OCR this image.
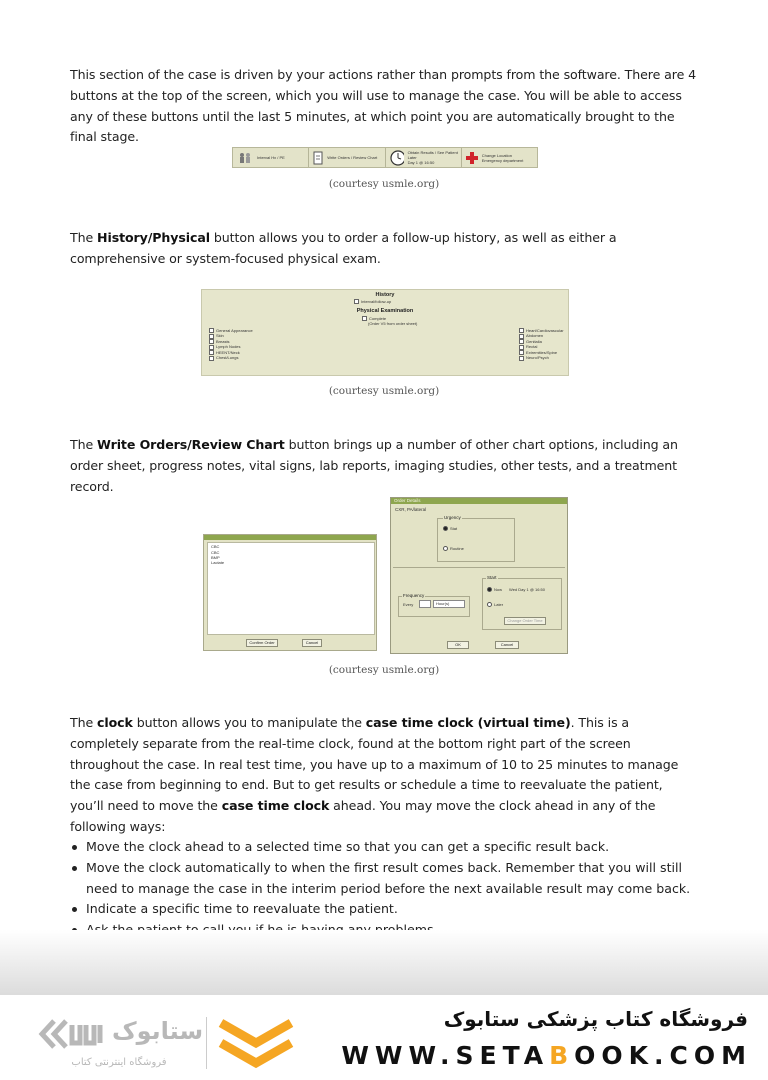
This section of the case is driven by your actions rather than prompts from the software. There are 4 buttons at the top of the screen, which you will use to manage the case. You will be able to access any of these buttons until the last 5 minutes, at which point you are automatically brought to the final stage.
Interval Hx / PE	Write Orders / Review Chart
Obtain Results / See Patient Later
Day 1 @ 16:50
Change Location
Emergency department
(courtesy usmle.org)
The History/Physical button allows you to order a follow-up history, as well as either a comprehensive or system-focused physical exam.
History
Interval/follow-up
Physical Examination
Complete
(Order V5 from order sheet)
General Appearance
Skin
Breasts
Lymph Nodes
HEENT/Neck
Chest/Lungs
Heart/Cardiovascular
Abdomen
Genitalia
Rectal
Extremities/Spine
Neuro/Psych
(courtesy usmle.org)
The Write Orders/Review Chart button brings up a number of other chart options, including an order sheet, progress notes, vital signs, lab reports, imaging studies, other tests, and a treatment record.
CBC
CBC
BMP
Lactate
Confirm Order	Cancel
Order Details
CXR, PA/lateral
Urgency
Stat
Routine
Frequency
Every	Hour(s)
Start
Now Wed Day 1 @ 16:50
Later
Change Order Time
OK	Cancel
(courtesy usmle.org)
The clock button allows you to manipulate the case time clock (virtual time). This is a completely separate from the real-time clock, found at the bottom right part of the screen throughout the case. In real test time, you have up to a maximum of 10 to 25 minutes to manage the case from beginning to end. But to get results or schedule a time to reevaluate the patient, you’ll need to move the case time clock ahead. You may move the clock ahead in any of the following ways:
Move the clock ahead to a selected time so that you can get a specific result back.
Move the clock automatically to when the first result comes back. Remember that you will still need to manage the case in the interim period before the next available result may come back.
Indicate a specific time to reevaluate the patient.
ستابوک
فروشگاه اینترنتی کتاب
فروشگاه کتاب پزشکی ستابوک
WWW.SETABOOK.COM
